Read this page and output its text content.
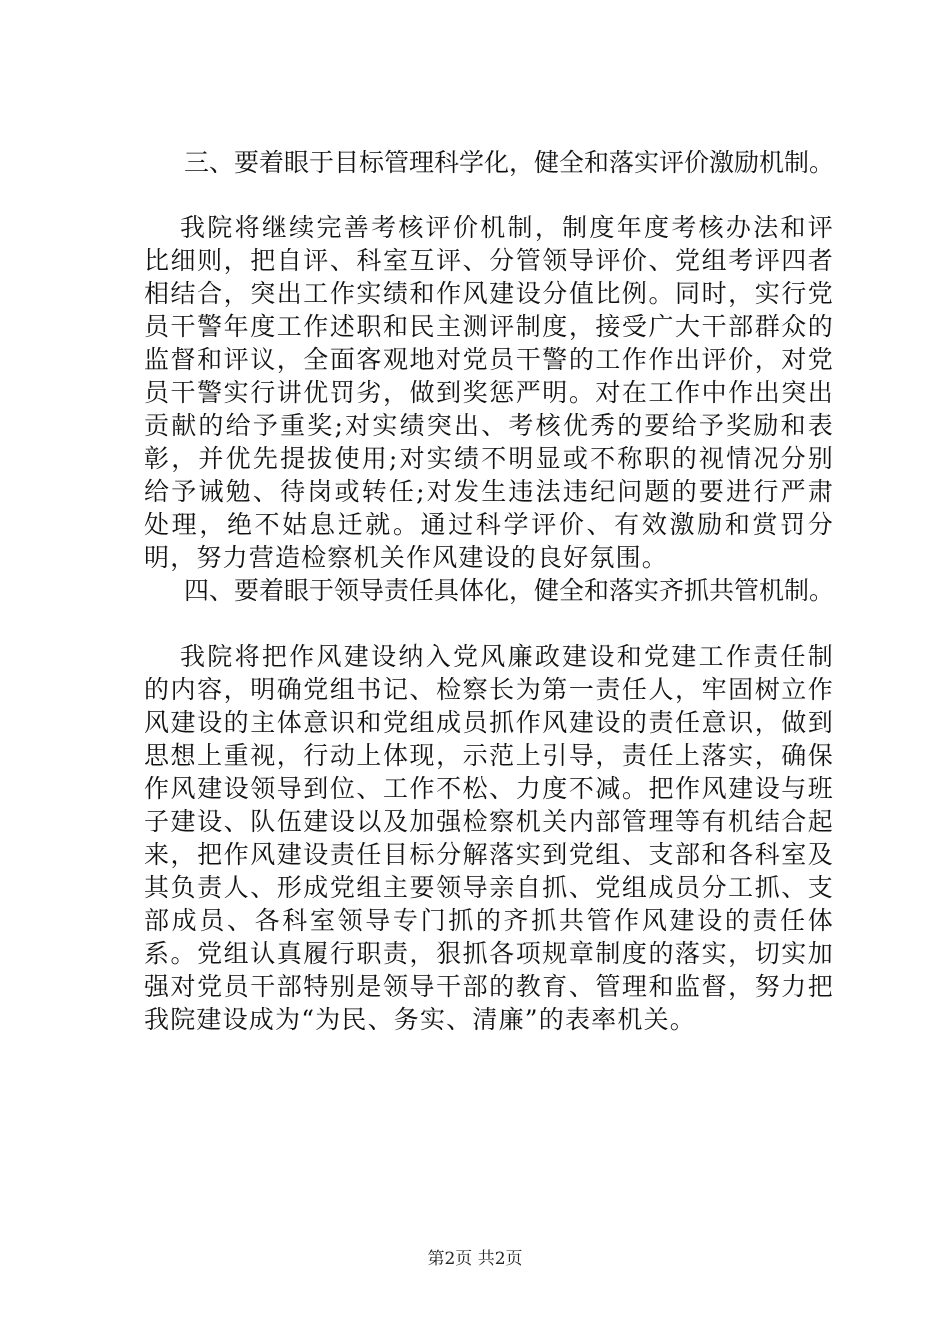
三、要着眼于目标管理科学化，健全和落实评价激励机制。

我院将继续完善考核评价机制，制度年度考核办法和评比细则，把自评、科室互评、分管领导评价、党组考评四者相结合，突出工作实绩和作风建设分值比例。同时，实行党员干警年度工作述职和民主测评制度，接受广大干部群众的监督和评议，全面客观地对党员干警的工作作出评价，对党员干警实行讲优罚劣，做到奖惩严明。对在工作中作出突出贡献的给予重奖;对实绩突出、考核优秀的要给予奖励和表彰，并优先提拔使用;对实绩不明显或不称职的视情况分别给予诫勉、待岗或转任;对发生违法违纪问题的要进行严肃处理，绝不姑息迁就。通过科学评价、有效激励和赏罚分明，努力营造检察机关作风建设的良好氛围。

四、要着眼于领导责任具体化，健全和落实齐抓共管机制。

我院将把作风建设纳入党风廉政建设和党建工作责任制的内容，明确党组书记、检察长为第一责任人，牢固树立作风建设的主体意识和党组成员抓作风建设的责任意识，做到思想上重视，行动上体现，示范上引导，责任上落实，确保作风建设领导到位、工作不松、力度不减。把作风建设与班子建设、队伍建设以及加强检察机关内部管理等有机结合起来，把作风建设责任目标分解落实到党组、支部和各科室及其负责人、形成党组主要领导亲自抓、党组成员分工抓、支部成员、各科室领导专门抓的齐抓共管作风建设的责任体系。党组认真履行职责，狠抓各项规章制度的落实，切实加强对党员干部特别是领导干部的教育、管理和监督，努力把我院建设成为“为民、务实、清廉”的表率机关。

第2页 共2页
